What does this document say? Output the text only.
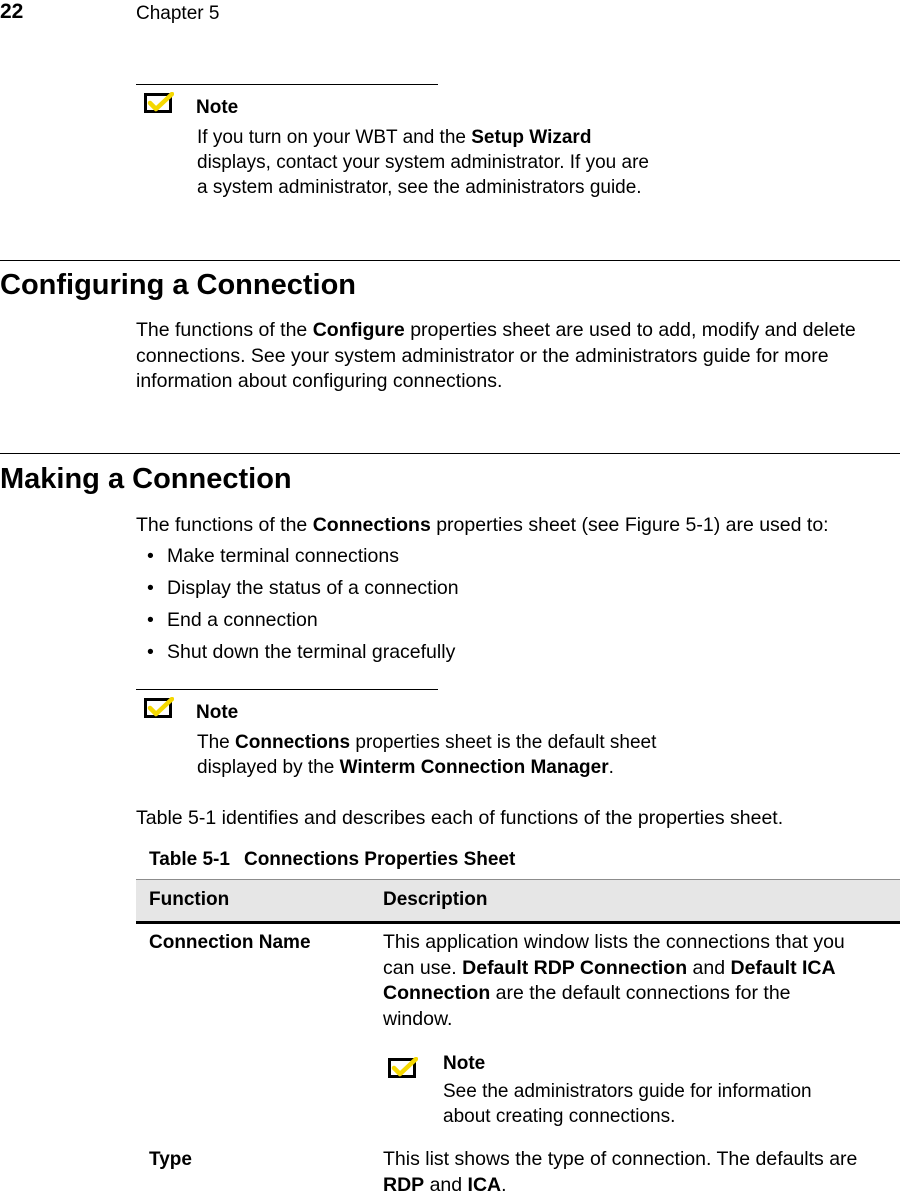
22	Chapter 5
Note
If you turn on your WBT and the Setup Wizard
displays, contact your system administrator. If you are
a system administrator, see the administrators guide.
Configuring a Connection
The functions of the Configure properties sheet are used to add, modify and delete
connections. See your system administrator or the administrators guide for more
information about configuring connections.
Making a Connection
The functions of the Connections properties sheet (see Figure 5-1) are used to:
• Make terminal connections
• Display the status of a connection
• End a connection
• Shut down the terminal gracefully
Note
The Connections properties sheet is the default sheet
displayed by the Winterm Connection Manager.
Table 5-1 identifies and describes each of functions of the properties sheet.
Table 5-1 Connections Properties Sheet
Function	Description
Connection Name	This application window lists the connections that you
can use. Default RDP Connection and Default ICA
Connection are the default connections for the
window.
Note
See the administrators guide for information
about creating connections.
Type	This list shows the type of connection. The defaults are
RDP and ICA.
